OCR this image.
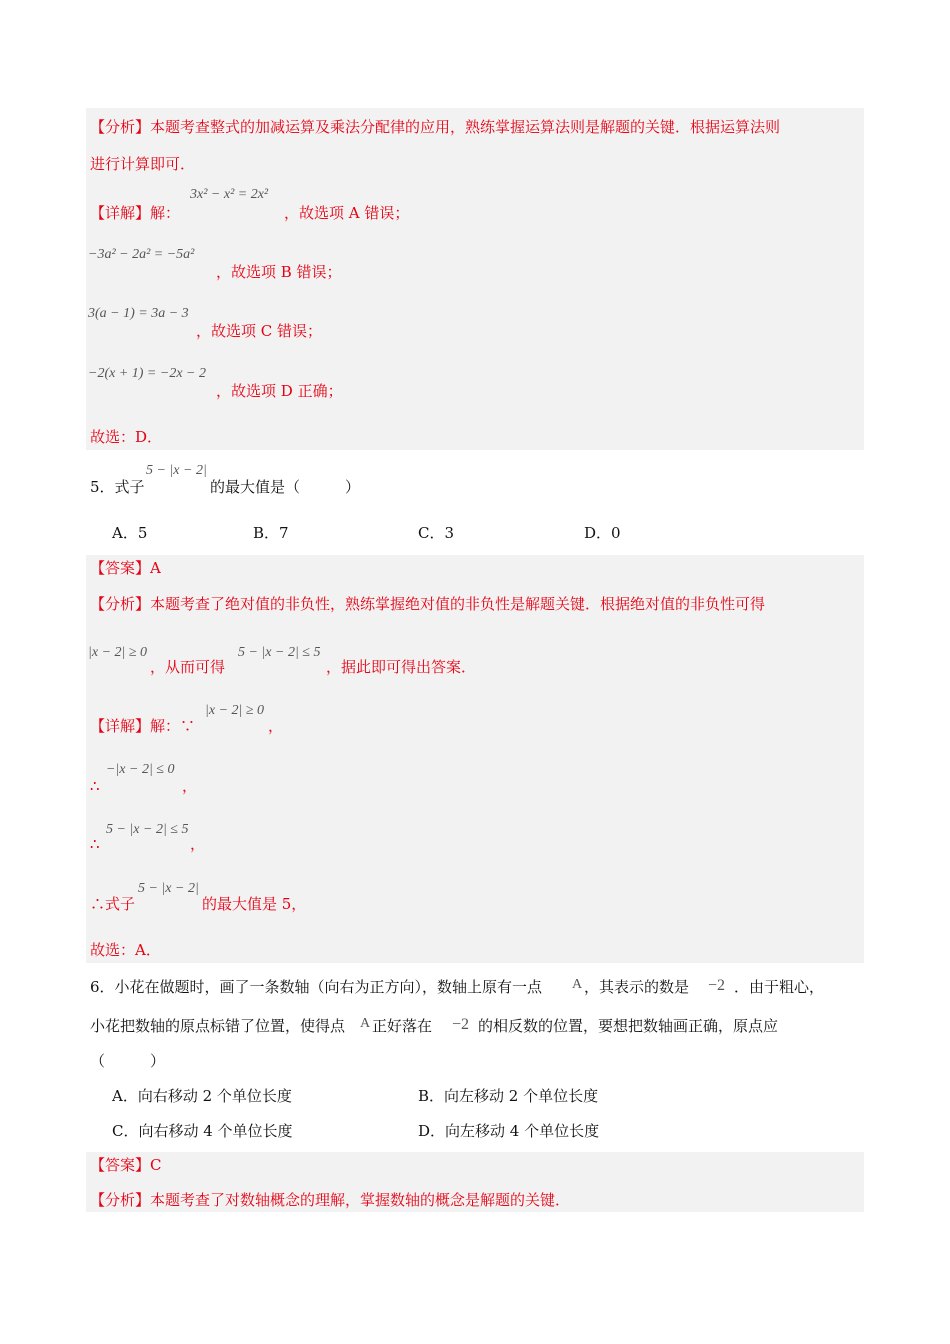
【分析】本题考查整式的加减运算及乘法分配律的应用，熟练掌握运算法则是解题的关键．根据运算法则
进行计算即可．
【详解】解：
3x² − x² = 2x²
，故选项 A 错误；
−3a² − 2a² = −5a²
，故选项 B 错误；
3(a − 1) = 3a − 3
，故选项 C 错误；
−2(x + 1) = −2x − 2
，故选项 D 正确；
故选：D．
5．式子
5 − |x − 2|
的最大值是（　　　）
A．5	B．7	C．3	D．0
【答案】A
【分析】本题考查了绝对值的非负性，熟练掌握绝对值的非负性是解题关键．根据绝对值的非负性可得
|x − 2| ≥ 0
，从而可得
5 − |x − 2| ≤ 5
，据此即可得出答案．
【详解】解：∵
|x − 2| ≥ 0
，
∴
−|x − 2| ≤ 0
，
∴
5 − |x − 2| ≤ 5
，
∴式子
5 − |x − 2|
的最大值是 5，
故选：A．
6．小花在做题时，画了一条数轴（向右为正方向），数轴上原有一点 A ，其表示的数是 −2 ．由于粗心，
小花把数轴的原点标错了位置，使得点 A 正好落在 −2 的相反数的位置，要想把数轴画正确，原点应
（　　　）
A．向右移动 2 个单位长度	B．向左移动 2 个单位长度
C．向右移动 4 个单位长度	D．向左移动 4 个单位长度
【答案】C
【分析】本题考查了对数轴概念的理解，掌握数轴的概念是解题的关键．
